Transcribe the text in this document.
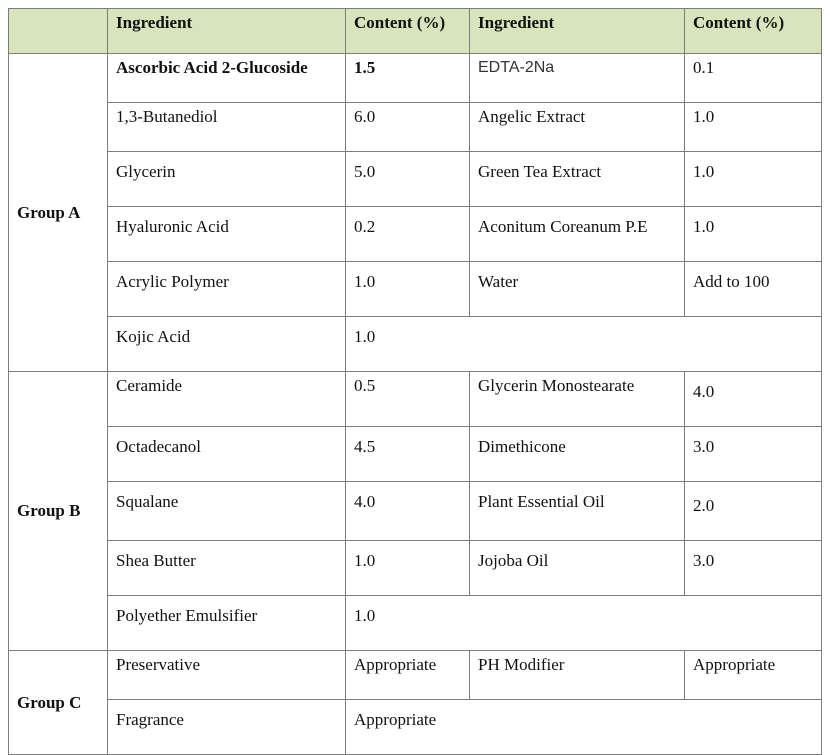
	Ingredient	Content (%)	Ingredient	Content (%)
Group A	Ascorbic Acid 2-Glucoside	1.5	EDTA-2Na	0.1
	1,3-Butanediol	6.0	Angelic Extract	1.0
	Glycerin	5.0	Green Tea Extract	1.0
	Hyaluronic Acid	0.2	Aconitum Coreanum P.E	1.0
	Acrylic Polymer	1.0	Water	Add to 100
	Kojic Acid	1.0		
Group B	Ceramide	0.5	Glycerin Monostearate	4.0
	Octadecanol	4.5	Dimethicone	3.0
	Squalane	4.0	Plant Essential Oil	2.0
	Shea Butter	1.0	Jojoba Oil	3.0
	Polyether Emulsifier	1.0		
Group C	Preservative	Appropriate	PH Modifier	Appropriate
	Fragrance	Appropriate		
